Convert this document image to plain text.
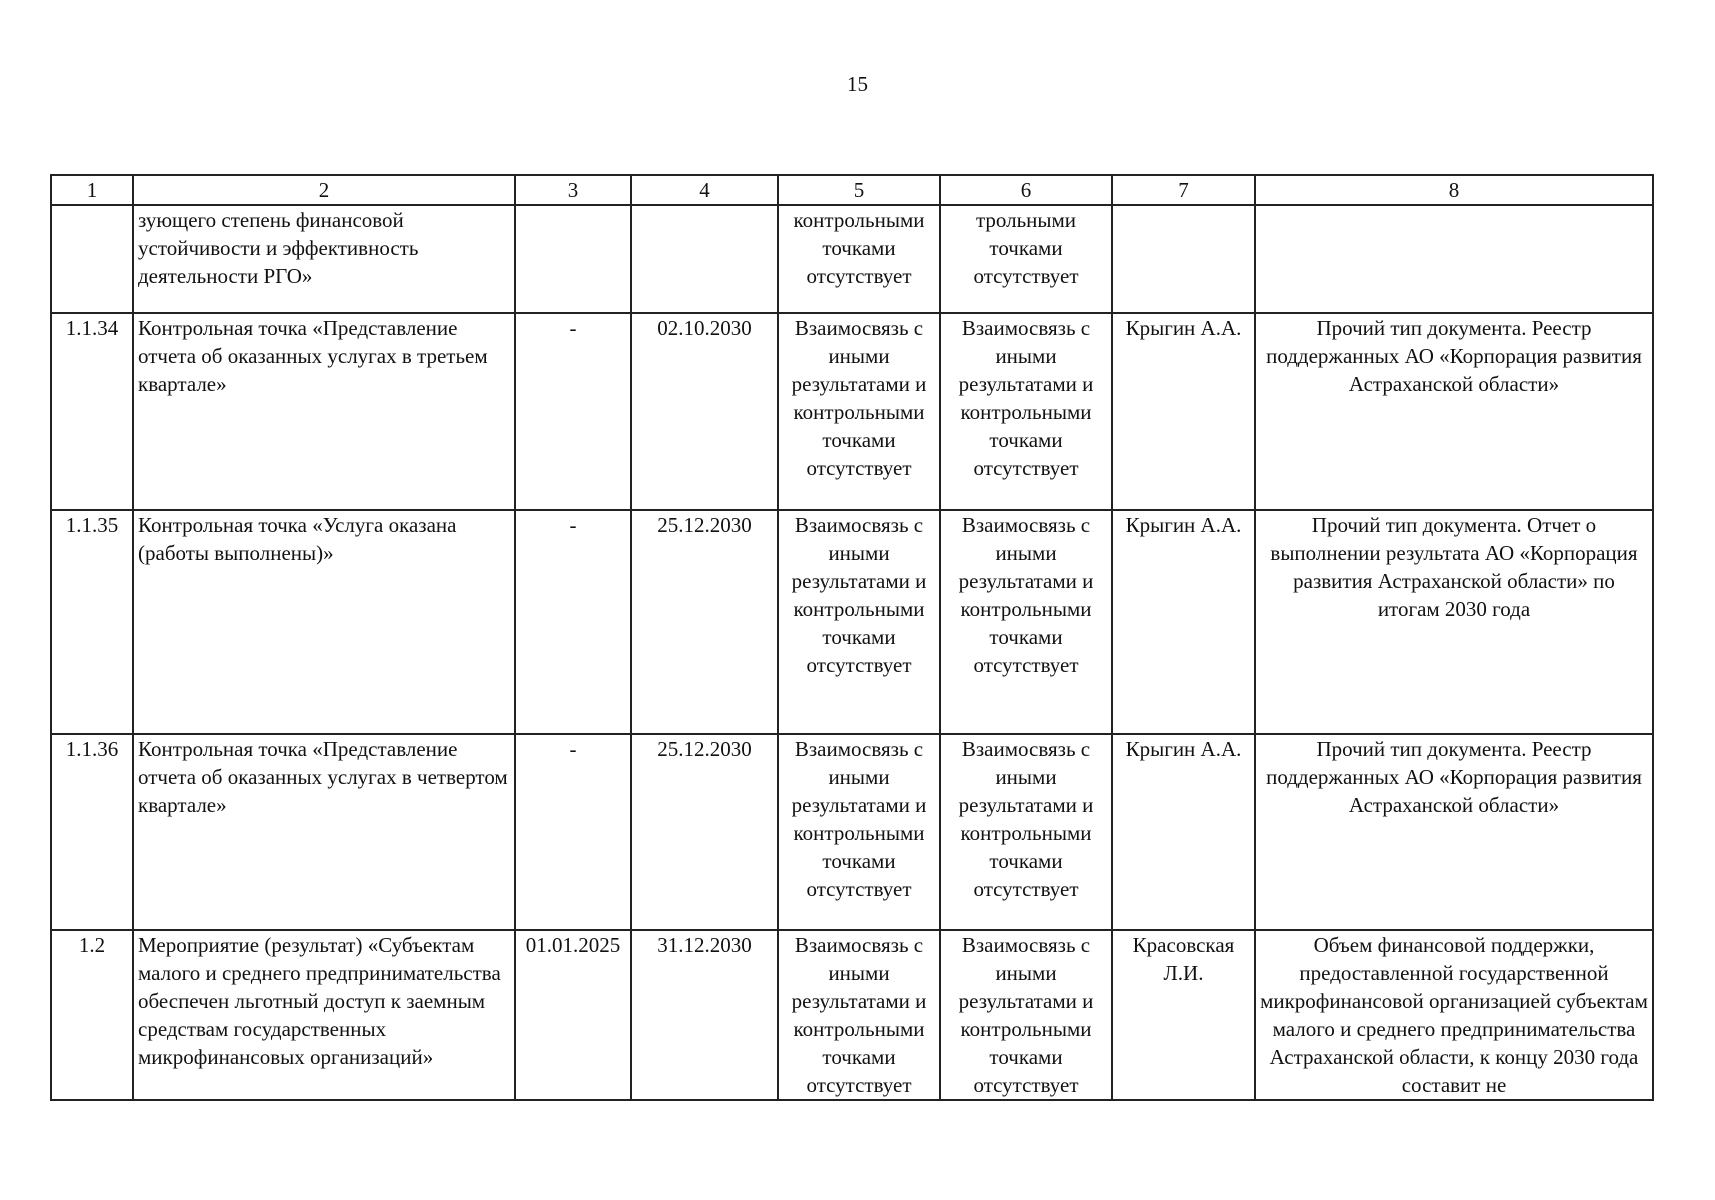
15
1	2	3	4	5	6	7	8
	зующего степень финансовой устойчивости и эффективность деятельности РГО»			контрольными точками отсутствует	трольными точками отсутствует		
1.1.34	Контрольная точка «Представление отчета об оказанных услугах в третьем квартале»	-	02.10.2030	Взаимосвязь с иными результатами и контрольными точками отсутствует	Взаимосвязь с иными результатами и контрольными точками отсутствует	Крыгин А.А.	Прочий тип документа. Реестр поддержанных АО «Корпорация развития Астраханской области»
1.1.35	Контрольная точка «Услуга оказана (работы выполнены)»	-	25.12.2030	Взаимосвязь с иными результатами и контрольными точками отсутствует	Взаимосвязь с иными результатами и контрольными точками отсутствует	Крыгин А.А.	Прочий тип документа. Отчет о выполнении результата АО «Корпорация развития Астраханской области» по итогам 2030 года
1.1.36	Контрольная точка «Представление отчета об оказанных услугах в четвертом квартале»	-	25.12.2030	Взаимосвязь с иными результатами и контрольными точками отсутствует	Взаимосвязь с иными результатами и контрольными точками отсутствует	Крыгин А.А.	Прочий тип документа. Реестр поддержанных АО «Корпорация развития Астраханской области»
1.2	Мероприятие (результат) «Субъектам малого и среднего предпринимательства обеспечен льготный доступ к заемным средствам государственных микрофинансовых организаций»	01.01.2025	31.12.2030	Взаимосвязь с иными результатами и контрольными точками отсутствует	Взаимосвязь с иными результатами и контрольными точками отсутствует	Красовская Л.И.	Объем финансовой поддержки, предоставленной государственной микрофинансовой организацией субъектам малого и среднего предпринимательства Астраханской области, к концу 2030 года составит не
